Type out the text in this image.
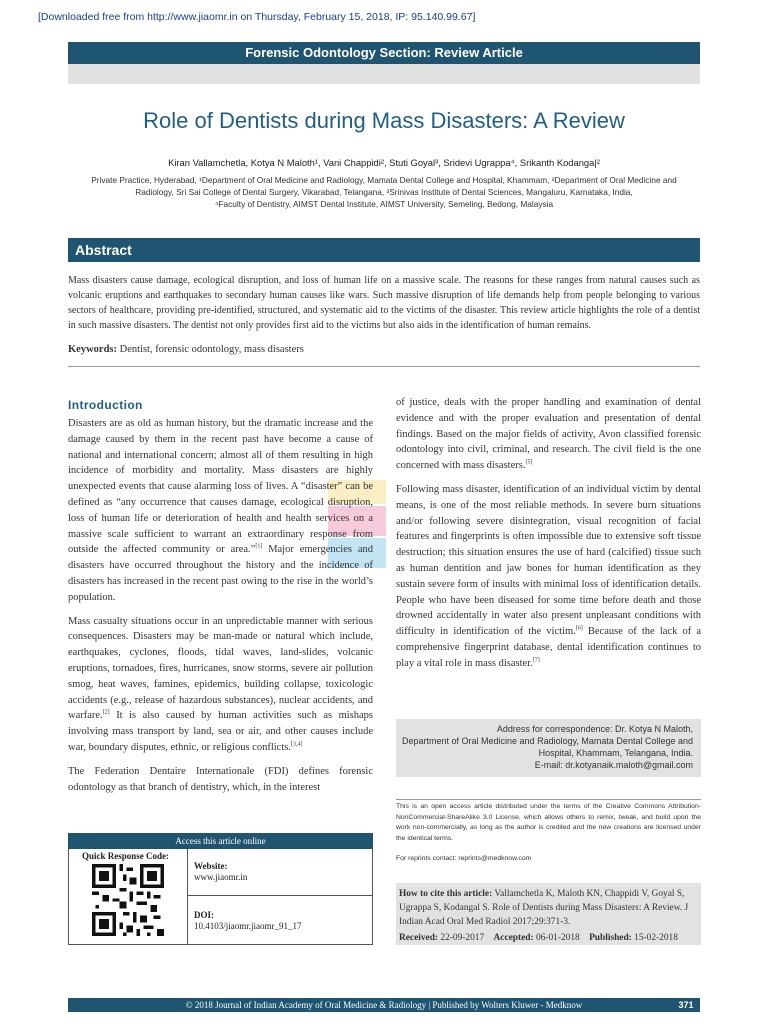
[Downloaded free from http://www.jiaomr.in on Thursday, February 15, 2018, IP: 95.140.99.67]
Forensic Odontology Section: Review Article
Role of Dentists during Mass Disasters: A Review
Kiran Vallamchetla, Kotya N Maloth¹, Vani Chappidi², Stuti Goyal³, Sridevi Ugrappa⁴, Srikanth Kodanga|²
Private Practice, Hyderabad, ¹Department of Oral Medicine and Radiology, Mamata Dental College and Hospital, Khammam, ²Department of Oral Medicine and
Radiology, Sri Sai College of Dental Surgery, Vikarabad, Telangana, ³Srinivas Institute of Dental Sciences, Mangaluru, Karnataka, India,
⁴Faculty of Dentistry, AIMST Dental Institute, AIMST University, Semeling, Bedong, Malaysia
Abstract
Mass disasters cause damage, ecological disruption, and loss of human life on a massive scale. The reasons for these ranges from natural causes such as volcanic eruptions and earthquakes to secondary human causes like wars. Such massive disruption of life demands help from people belonging to various sectors of healthcare, providing pre-identified, structured, and systematic aid to the victims of the disaster. This review article highlights the role of a dentist in such massive disasters. The dentist not only provides first aid to the victims but also aids in the identification of human remains.
Keywords: Dentist, forensic odontology, mass disasters
Introduction

Disasters are as old as human history, but the dramatic increase and the damage caused by them in the recent past have become a cause of national and international concern; almost all of them resulting in high incidence of morbidity and mortality. Mass disasters are highly unexpected events that cause alarming loss of lives. A “disaster” can be defined as “any occurrence that causes damage, ecological disruption, loss of human life or deterioration of health and health services on a massive scale sufficient to warrant an extraordinary response from outside the affected community or area.”[1] Major emergencies and disasters have occurred throughout the history and the incidence of disasters has increased in the recent past owing to the rise in the world’s population.

Mass casualty situations occur in an unpredictable manner with serious consequences. Disasters may be man-made or natural which include, earthquakes, cyclones, floods, tidal waves, land-slides, volcanic eruptions, tornadoes, fires, hurricanes, snow storms, severe air pollution smog, heat waves, famines, epidemics, building collapse, toxicologic accidents (e.g., release of hazardous substances), nuclear accidents, and warfare.[2] It is also caused by human activities such as mishaps involving mass transport by land, sea or air, and other causes include war, boundary disputes, ethnic, or religious conflicts.[3,4]

The Federation Dentaire Internationale (FDI) defines forensic odontology as that branch of dentistry, which, in the interest

of justice, deals with the proper handling and examination of dental evidence and with the proper evaluation and presentation of dental findings. Based on the major fields of activity, Avon classified forensic odontology into civil, criminal, and research. The civil field is the one concerned with mass disasters.[5]

Following mass disaster, identification of an individual victim by dental means, is one of the most reliable methods. In severe burn situations and/or following severe disintegration, visual recognition of facial features and fingerprints is often impossible due to extensive soft tissue destruction; this situation ensures the use of hard (calcified) tissue such as human dentition and jaw bones for human identification as they sustain severe form of insults with minimal loss of identification details. People who have been diseased for some time before death and those drowned accidentally in water also present unpleasant conditions with difficulty in identification of the victim.[6] Because of the lack of a comprehensive fingerprint database, dental identification continues to play a vital role in mass disaster.[7]

Address for correspondence: Dr. Kotya N Maloth,
Department of Oral Medicine and Radiology, Mamata Dental College and
Hospital, Khammam, Telangana, India.
E-mail: dr.kotyanaik.maloth@gmail.com
This is an open access article distributed under the terms of the Creative Commons Attribution-NonCommercial-ShareAlike 3.0 License, which allows others to remix, tweak, and build upon the work non-commercially, as long as the author is credited and the new creations are licensed under the identical terms.
For reprints contact: reprints@medknow.com
How to cite this article: Vallamchetla K, Maloth KN, Chappidi V, Goyal S, Ugrappa S, Kodangal S. Role of Dentists during Mass Disasters: A Review. J Indian Acad Oral Med Radiol 2017;29:371-3.
Received: 22-09-2017 Accepted: 06-01-2018 Published: 15-02-2018
Access this article online
Quick Response Code:
Website:
www.jiaomr.in
DOI:
10.4103/jiaomr.jiaomr_91_17
© 2018 Journal of Indian Academy of Oral Medicine & Radiology | Published by Wolters Kluwer - Medknow	371
